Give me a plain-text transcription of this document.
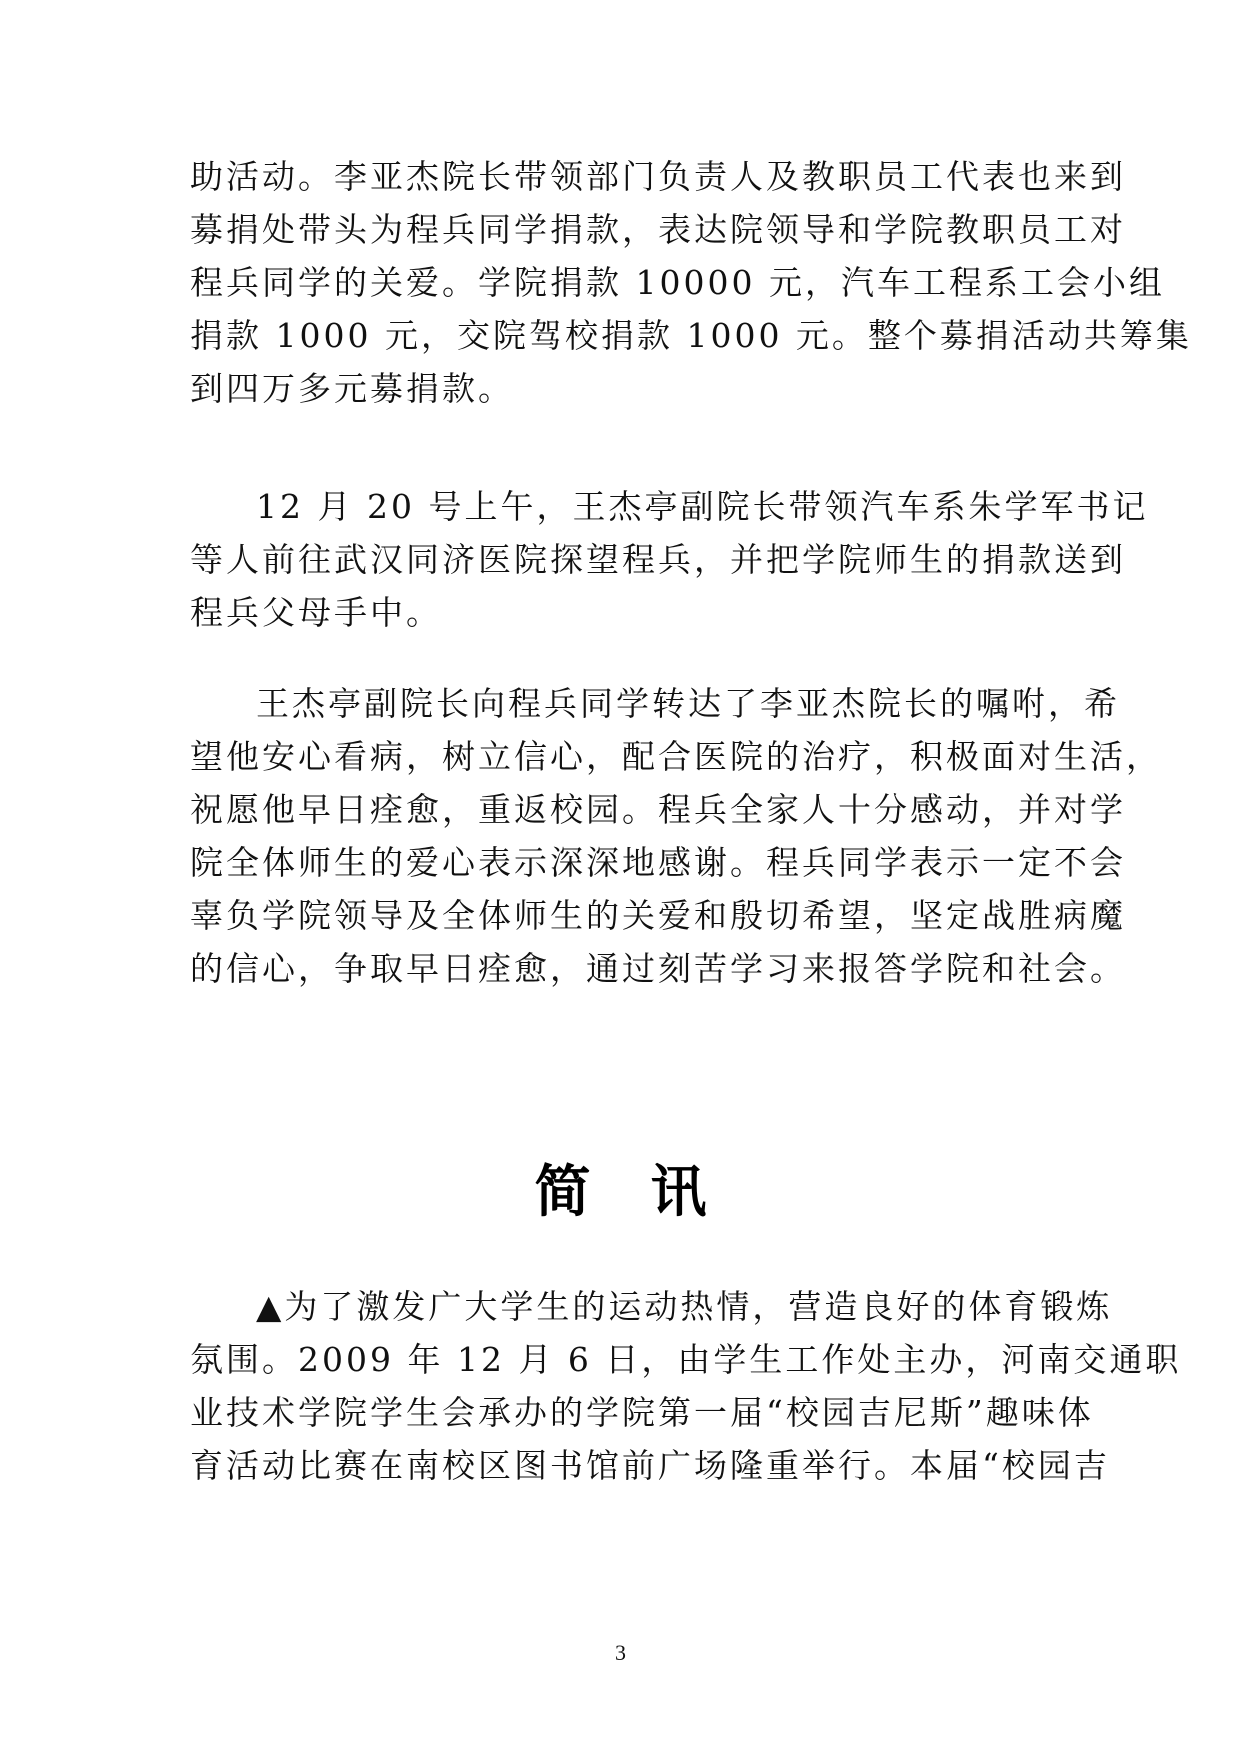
助活动。李亚杰院长带领部门负责人及教职员工代表也来到
募捐处带头为程兵同学捐款，表达院领导和学院教职员工对
程兵同学的关爱。学院捐款 10000 元，汽车工程系工会小组
捐款 1000 元，交院驾校捐款 1000 元。整个募捐活动共筹集
到四万多元募捐款。
12 月 20 号上午，王杰亭副院长带领汽车系朱学军书记
等人前往武汉同济医院探望程兵，并把学院师生的捐款送到
程兵父母手中。
王杰亭副院长向程兵同学转达了李亚杰院长的嘱咐，希
望他安心看病，树立信心，配合医院的治疗，积极面对生活，
祝愿他早日痊愈，重返校园。程兵全家人十分感动，并对学
院全体师生的爱心表示深深地感谢。程兵同学表示一定不会
辜负学院领导及全体师生的关爱和殷切希望，坚定战胜病魔
的信心，争取早日痊愈，通过刻苦学习来报答学院和社会。
简讯
▲为了激发广大学生的运动热情，营造良好的体育锻炼
氛围。2009 年 12 月 6 日，由学生工作处主办，河南交通职
业技术学院学生会承办的学院第一届“校园吉尼斯”趣味体
育活动比赛在南校区图书馆前广场隆重举行。本届“校园吉
3
